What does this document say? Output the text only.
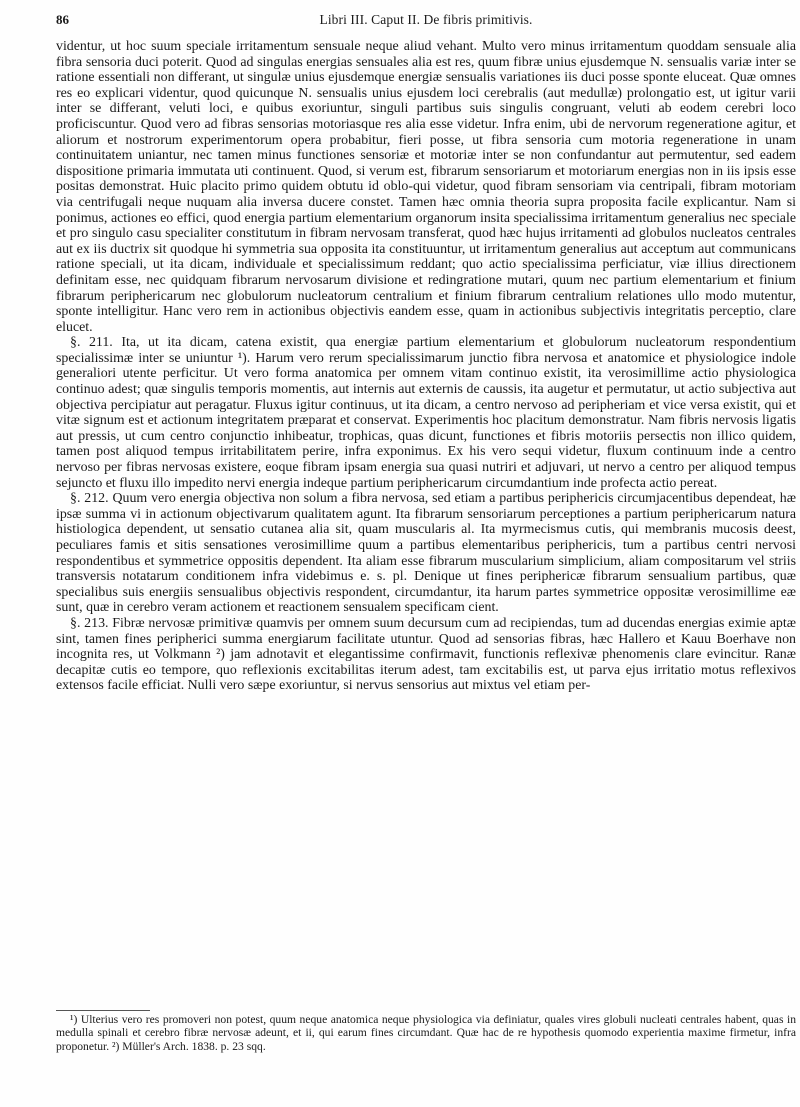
86	Libri III. Caput II. De fibris primitivis.

videntur, ut hoc suum speciale irritamentum sensuale neque aliud vehant. Multo vero minus irritamentum quoddam sensuale alia fibra sensoria duci poterit. Quod ad singulas energias sensuales alia est res, quum fibræ unius ejusdemque N. sensualis variæ inter se ratione essentiali non differant, ut singulæ unius ejusdemque energiæ sensualis variationes iis duci posse sponte eluceat. Quæ omnes res eo explicari videntur, quod quicunque N. sensualis unius ejusdem loci cerebralis (aut medullæ) prolongatio est, ut igitur varii inter se differant, veluti loci, e quibus exoriuntur, singuli partibus suis singulis congruant, veluti ab eodem cerebri loco proficiscuntur. Quod vero ad fibras sensorias motoriasque res alia esse videtur. Infra enim, ubi de nervorum regeneratione agitur, et aliorum et nostrorum experimentorum opera probabitur, fieri posse, ut fibra sensoria cum motoria regeneratione in unam continuitatem uniantur, nec tamen minus functiones sensoriæ et motoriæ inter se non confundantur aut permutentur, sed eadem dispositione primaria immutata uti continuent. Quod, si verum est, fibrarum sensoriarum et motoriarum energias non in iis ipsis esse positas demonstrat. Huic placito primo quidem obtutu id oblo-qui videtur, quod fibram sensoriam via centripali, fibram motoriam via centrifugali neque nuquam alia inversa ducere constet. Tamen hæc omnia theoria supra proposita facile explicantur. Nam si ponimus, actiones eo effici, quod energia partium elementarium organorum insita specialissima irritamentum generalius nec speciale et pro singulo casu specialiter constitutum in fibram nervosam transferat, quod hæc hujus irritamenti ad globulos nucleatos centrales aut ex iis ductrix sit quodque hi symmetria sua opposita ita constituuntur, ut irritamentum generalius aut acceptum aut communicans ratione speciali, ut ita dicam, individuale et specialissimum reddant; quo actio specialissima perficiatur, viæ illius directionem definitam esse, nec quidquam fibrarum nervosarum divisione et redingratione mutari, quum nec partium elementarium et finium fibrarum periphericarum nec globulorum nucleatorum centralium et finium fibrarum centralium relationes ullo modo mutentur, sponte intelligitur. Hanc vero rem in actionibus objectivis eandem esse, quam in actionibus subjectivis integritatis perceptio, clare elucet.

§. 211. Ita, ut ita dicam, catena existit, qua energiæ partium elementarium et globulorum nucleatorum respondentium specialissimæ inter se uniuntur ¹). Harum vero rerum specialissimarum junctio fibra nervosa et anatomice et physiologice indole generaliori utente perficitur. Ut vero forma anatomica per omnem vitam continuo existit, ita verosimillime actio physiologica continuo adest; quæ singulis temporis momentis, aut internis aut externis de caussis, ita augetur et permutatur, ut actio subjectiva aut objectiva percipiatur aut peragatur. Fluxus igitur continuus, ut ita dicam, a centro nervoso ad peripheriam et vice versa existit, qui et vitæ signum est et actionum integritatem præparat et conservat. Experimentis hoc placitum demonstratur. Nam fibris nervosis ligatis aut pressis, ut cum centro conjunctio inhibeatur, trophicas, quas dicunt, functiones et fibris motoriis persectis non illico quidem, tamen post aliquod tempus irritabilitatem perire, infra exponimus. Ex his vero sequi videtur, fluxum continuum inde a centro nervoso per fibras nervosas existere, eoque fibram ipsam energia sua quasi nutriri et adjuvari, ut nervo a centro per aliquod tempus sejuncto et fluxu illo impedito nervi energia indeque partium periphericarum circumdantium inde profecta actio pereat.

§. 212. Quum vero energia objectiva non solum a fibra nervosa, sed etiam a partibus periphericis circumjacentibus dependeat, hæ ipsæ summa vi in actionum objectivarum qualitatem agunt. Ita fibrarum sensoriarum perceptiones a partium periphericarum natura histiologica dependent, ut sensatio cutanea alia sit, quam muscularis al. Ita myrmecismus cutis, qui membranis mucosis deest, peculiares famis et sitis sensationes verosimillime quum a partibus elementaribus periphericis, tum a partibus centri nervosi respondentibus et symmetrice oppositis dependent. Ita aliam esse fibrarum muscularium simplicium, aliam compositarum vel striis transversis notatarum conditionem infra videbimus e. s. pl. Denique ut fines periphericæ fibrarum sensualium partibus, quæ specialibus suis energiis sensualibus objectivis respondent, circumdantur, ita harum partes symmetrice oppositæ verosimillime eæ sunt, quæ in cerebro veram actionem et reactionem sensualem specificam cient.

§. 213. Fibræ nervosæ primitivæ quamvis per omnem suum decursum cum ad recipiendas, tum ad ducendas energias eximie aptæ sint, tamen fines peripherici summa energiarum facilitate utuntur. Quod ad sensorias fibras, hæc Hallero et Kauu Boerhave non incognita res, ut Volkmann ²) jam adnotavit et elegantissime confirmavit, functionis reflexivæ phenomenis clare evincitur. Ranæ decapitæ cutis eo tempore, quo reflexionis excitabilitas iterum adest, tam excitabilis est, ut parva ejus irritatio motus reflexivos extensos facile efficiat. Nulli vero sæpe exoriuntur, si nervus sensorius aut mixtus vel etiam per-

¹) Ulterius vero res promoveri non potest, quum neque anatomica neque physiologica via definiatur, quales vires globuli nucleati centrales habent, quas in medulla spinali et cerebro fibræ nervosæ adeunt, et ii, qui earum fines circumdant. Quæ hac de re hypothesis quomodo experientia maxime firmetur, infra proponetur. ²) Müller's Arch. 1838. p. 23 sqq.
